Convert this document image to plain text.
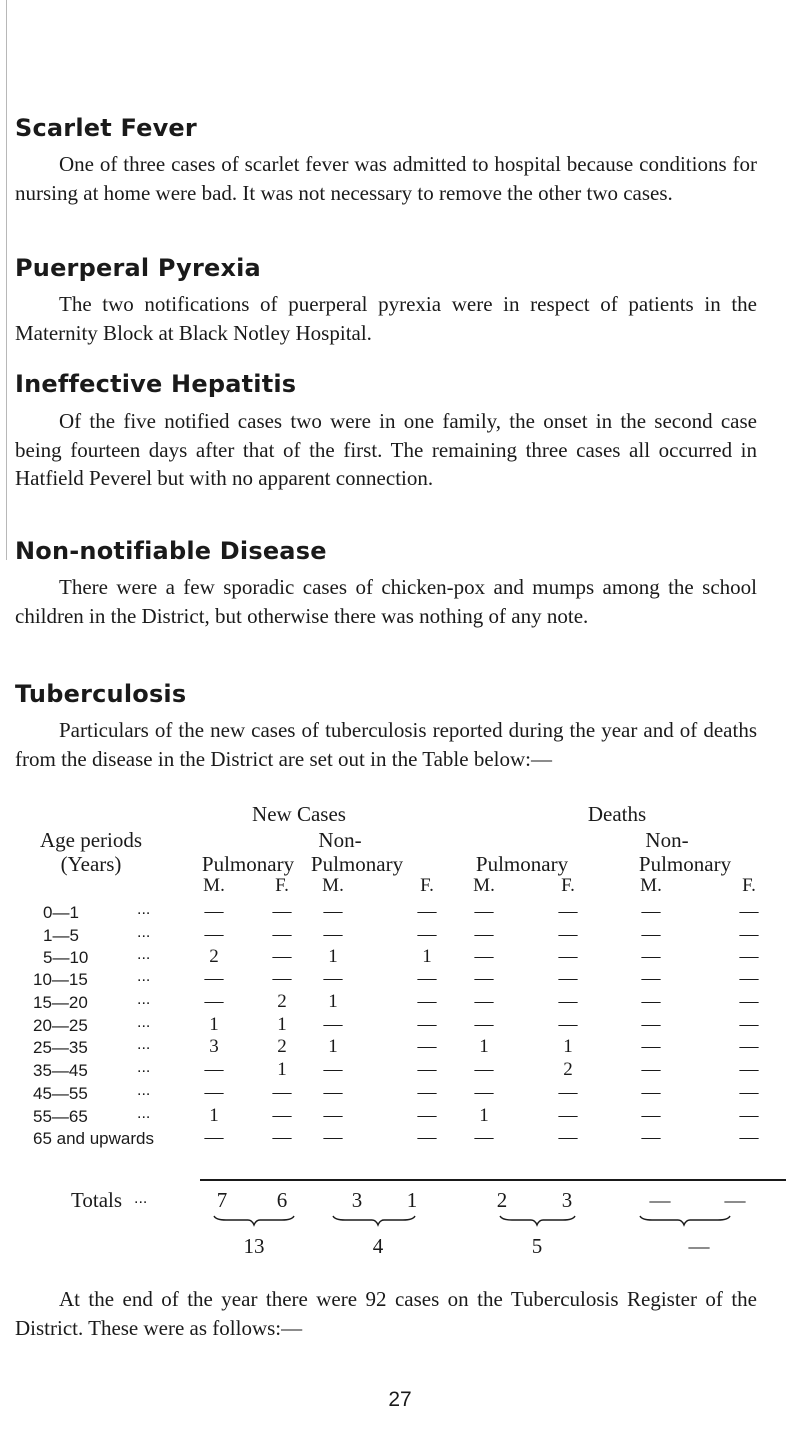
Scarlet Fever

One of three cases of scarlet fever was admitted to hospital because conditions for nursing at home were bad. It was not necessary to remove the other two cases.

Puerperal Pyrexia

The two notifications of puerperal pyrexia were in respect of patients in the Maternity Block at Black Notley Hospital.

Ineffective Hepatitis

Of the five notified cases two were in one family, the onset in the second case being fourteen days after that of the first. The remaining three cases all occurred in Hatfield Peverel but with no apparent connection.

Non-notifiable Disease

There were a few sporadic cases of chicken-pox and mumps among the school children in the District, but otherwise there was nothing of any note.

Tuberculosis

Particulars of the new cases of tuberculosis reported during the year and of deaths from the disease in the District are set out in the Table below:—

New Cases	Deaths
Age periods
(Years)
Non-	Non-
Pulmonary Pulmonary	Pulmonary	Pulmonary
M.	F. M.	F. M.	F.	M.	F.
0—1	...	—	— —	— —	—	—	—
1—5	...	—	— —	— —	—	—	—
5—10	...	2	— 1	1 —	—	—	—
10—15	...	—	— —	— —	—	—	—
15—20	...	—	2 1	— —	—	—	—
20—25	...	1	1 —	— —	—	—	—
25—35	...	3	2 1	— 1	1	—	—
35—45	...	—	1 —	— —	2	—	—
45—55	...	—	— —	— —	—	—	—
55—65	...	1	— —	— 1	—	—	—
65 and upwards	—	— —	— —	—	—	—
Totals ...	7 6	3 1	2	3	—	—
13	4	5	—

At the end of the year there were 92 cases on the Tuberculosis Register of the District. These were as follows:—

27
